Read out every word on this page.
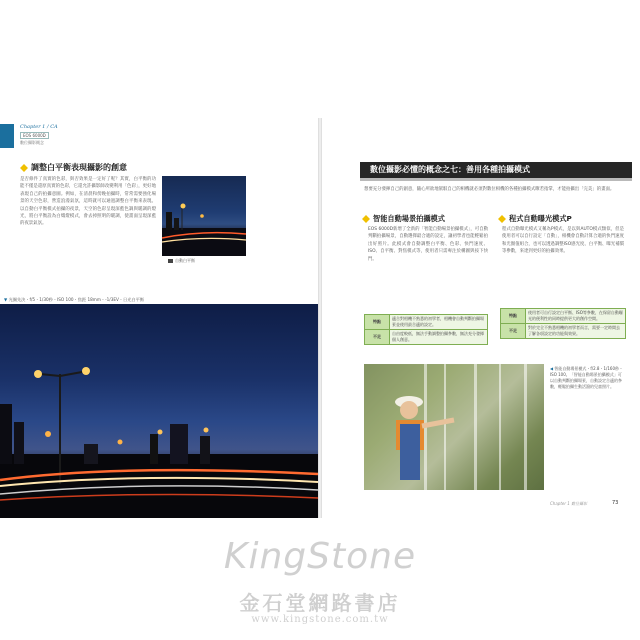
Chapter 1 / CA
EOS 6000D
數位攝影概念
調整白平衡表現攝影的創意
是否條件了真實的色彩，與否效果是一定好了呢？其實，白平衡的功能不僅是還原真實的色彩，它還允許攝影師改變利用「色彩」，更好地表現自己的拍攝意圖。例如，在清晨和傍晚拍攝時，常常需要強化場景的天空色彩，營造浪漫氣氛，這時就可以通過調整白平衡來表現。以自動白平衡模式拍攝的夜景，天空的色彩呈現深藍色調與暖調的燈光，將白平衡設為白熾燈模式，會去掉照明的暖調，使畫面呈現深藍的夜景氣氛。
自動白平衡
▼ 光圈先決・f/5・1/30秒・ISO 100・焦距 18mm・-1/3EV・日光白平衡
數位攝影必懂的概念之七：善用各種拍攝模式
想要充分發揮自己的創意，隨心所欲地駕馭自己的相機就必須對數位相機的各種拍攝模式瞭若指掌，才能拍攝出「完美」的畫面。
智能自動場景拍攝模式	程式自動曝光模式P
EOS 6000D新增了全新的「智能自動場景拍攝模式」，可自動判斷拍攝場景，自動選擇最合適的設定，讓初學者也能輕鬆拍出好照片。此模式會自動調整白平衡、色彩、快門速度、ISO、自平衡、對焦模式等，使用者只需專注於構圖與按下快門。
程式自動曝光模式又稱為P模式，是以與AUTO模式類似，但是使用者可以自行設定「自動」，相機會自動計算合適的快門速度和光圈值組合，也可以透過調整ISO感光度、白平衡、曝光補償等參數，來達到更好的拍攝效果。
特點	適合對相機不熟悉的初學者，相機會自動判斷拍攝場景並使用最合適的設定。
不足	自由度較低，無法手動調整拍攝參數，無法充分發揮個人創意。
特點	使用者可自行設定白平衡、ISO等參數，在保留自動曝光的便利性的同時提供更大的創作空間。
不足	對於完全不熟悉相機的初學者而言，需要一定時間去了解各項設定的功能與效果。
◀ 智能自動場景模式・f/2.8・1/160秒・ISO 100。「智能自動場景拍攝模式」可以自動判斷拍攝場景，自動設定合適的參數，輕鬆拍攝生動活潑的兒童照片。
Chapter 1 數位攝影	73
KingStone
金石堂網路書店
www.kingstone.com.tw
